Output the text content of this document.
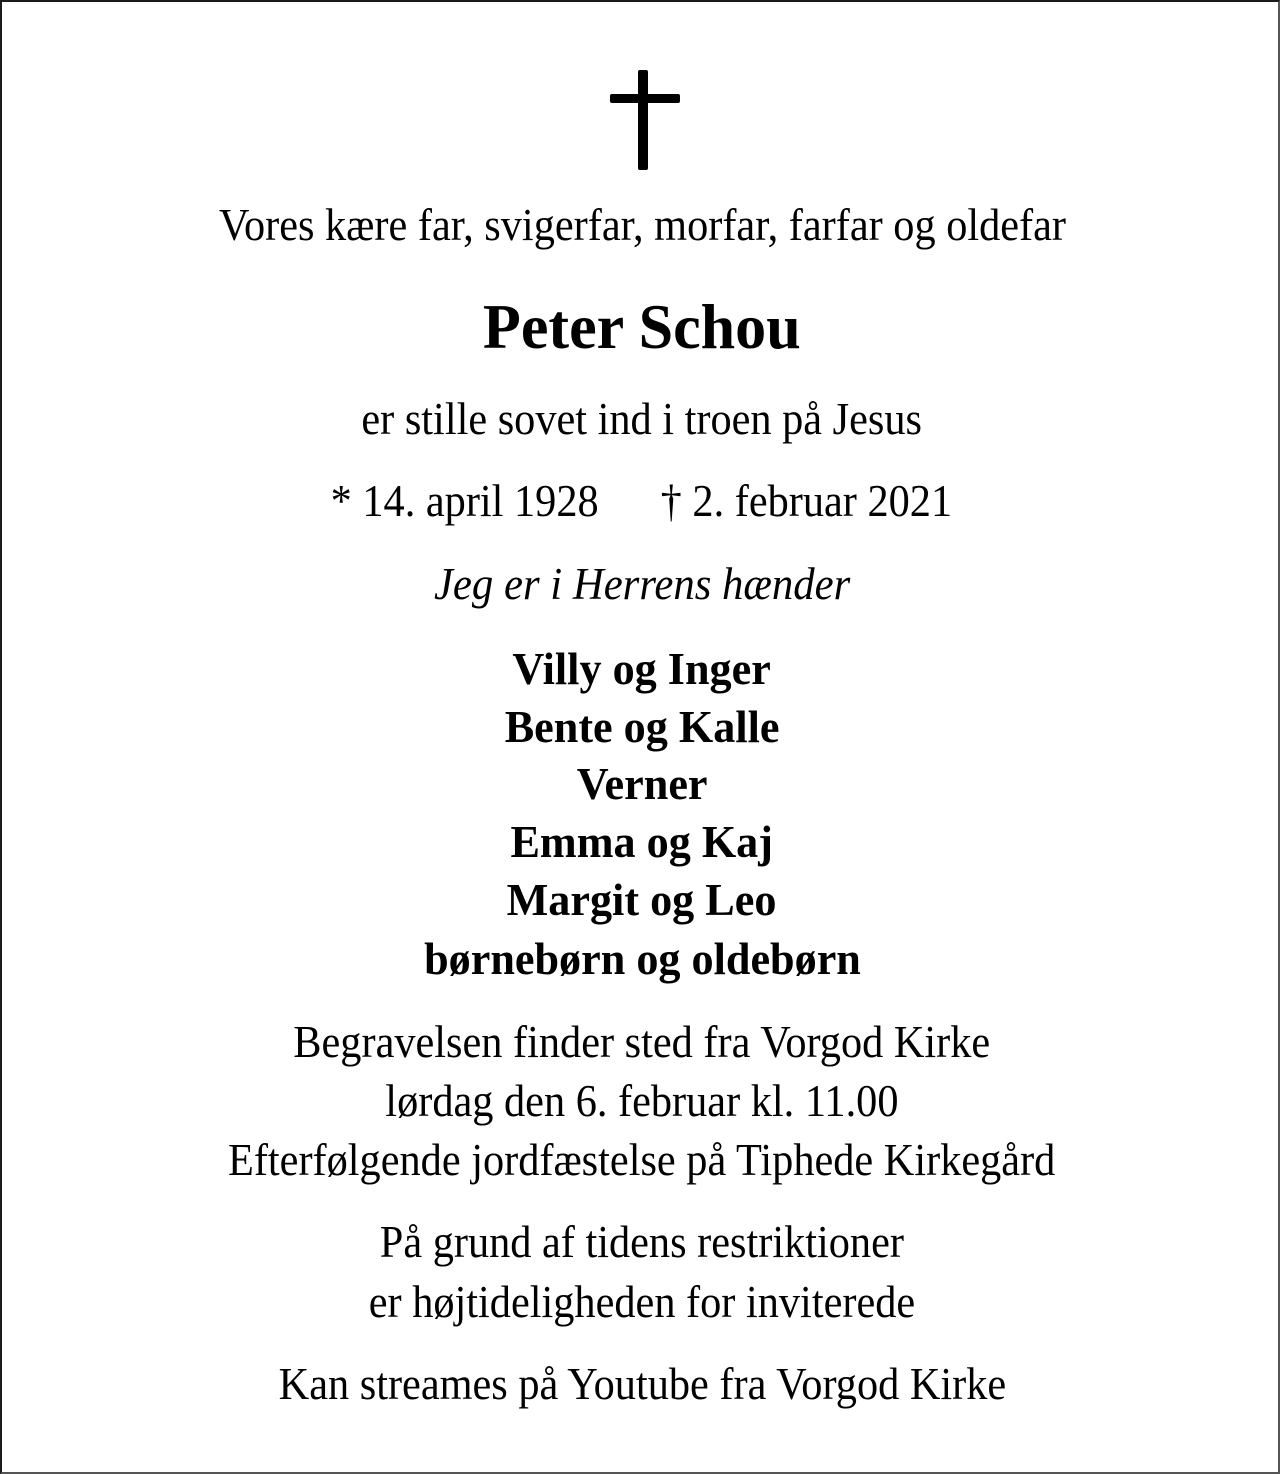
Vores kære far, svigerfar, morfar, farfar og oldefar
Peter Schou
er stille sovet ind i troen på Jesus
* 14. april 1928 † 2. februar 2021
Jeg er i Herrens hænder
Villy og Inger
Bente og Kalle
Verner
Emma og Kaj
Margit og Leo
børnebørn og oldebørn
Begravelsen finder sted fra Vorgod Kirke
lørdag den 6. februar kl. 11.00
Efterfølgende jordfæstelse på Tiphede Kirkegård
På grund af tidens restriktioner
er højtideligheden for inviterede
Kan streames på Youtube fra Vorgod Kirke
